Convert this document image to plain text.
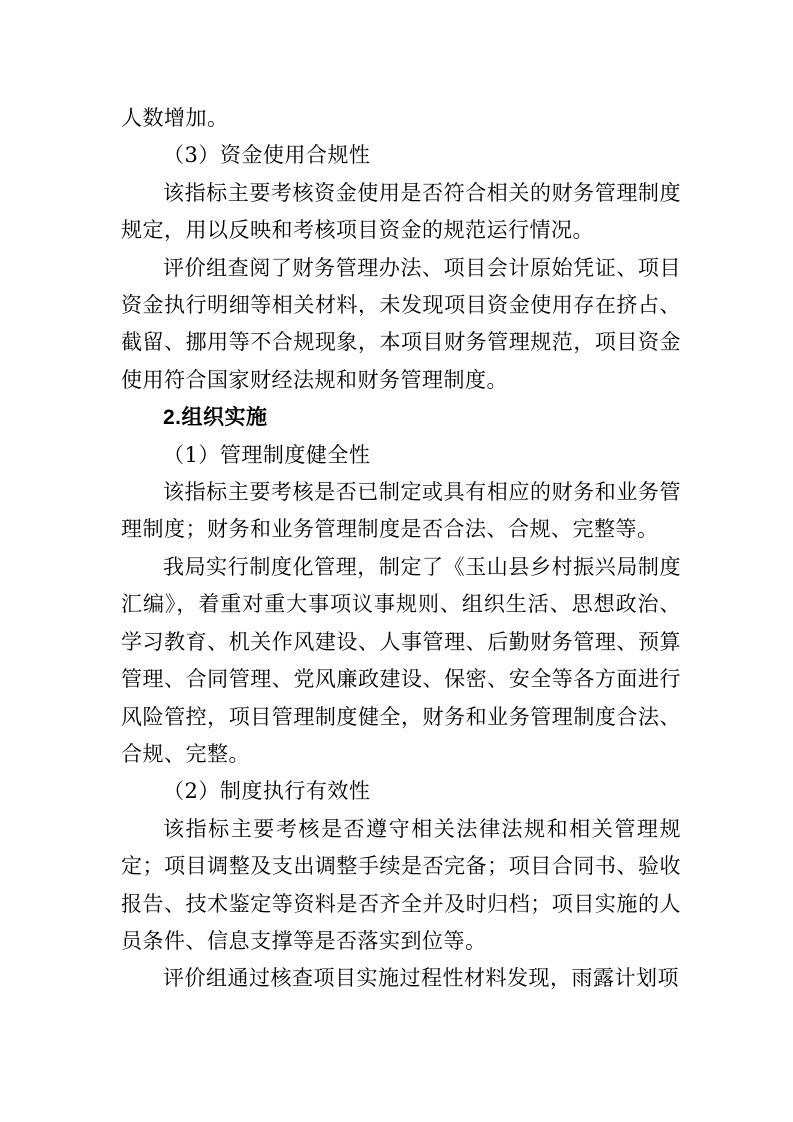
人数增加。
（3）资金使用合规性
该指标主要考核资金使用是否符合相关的财务管理制度规定，用以反映和考核项目资金的规范运行情况。
评价组查阅了财务管理办法、项目会计原始凭证、项目资金执行明细等相关材料，未发现项目资金使用存在挤占、截留、挪用等不合规现象，本项目财务管理规范，项目资金使用符合国家财经法规和财务管理制度。
2.组织实施
（1）管理制度健全性
该指标主要考核是否已制定或具有相应的财务和业务管理制度；财务和业务管理制度是否合法、合规、完整等。
我局实行制度化管理，制定了《玉山县乡村振兴局制度汇编》，着重对重大事项议事规则、组织生活、思想政治、学习教育、机关作风建设、人事管理、后勤财务管理、预算管理、合同管理、党风廉政建设、保密、安全等各方面进行风险管控，项目管理制度健全，财务和业务管理制度合法、合规、完整。
（2）制度执行有效性
该指标主要考核是否遵守相关法律法规和相关管理规定；项目调整及支出调整手续是否完备；项目合同书、验收报告、技术鉴定等资料是否齐全并及时归档；项目实施的人员条件、信息支撑等是否落实到位等。
评价组通过核查项目实施过程性材料发现，雨露计划项
